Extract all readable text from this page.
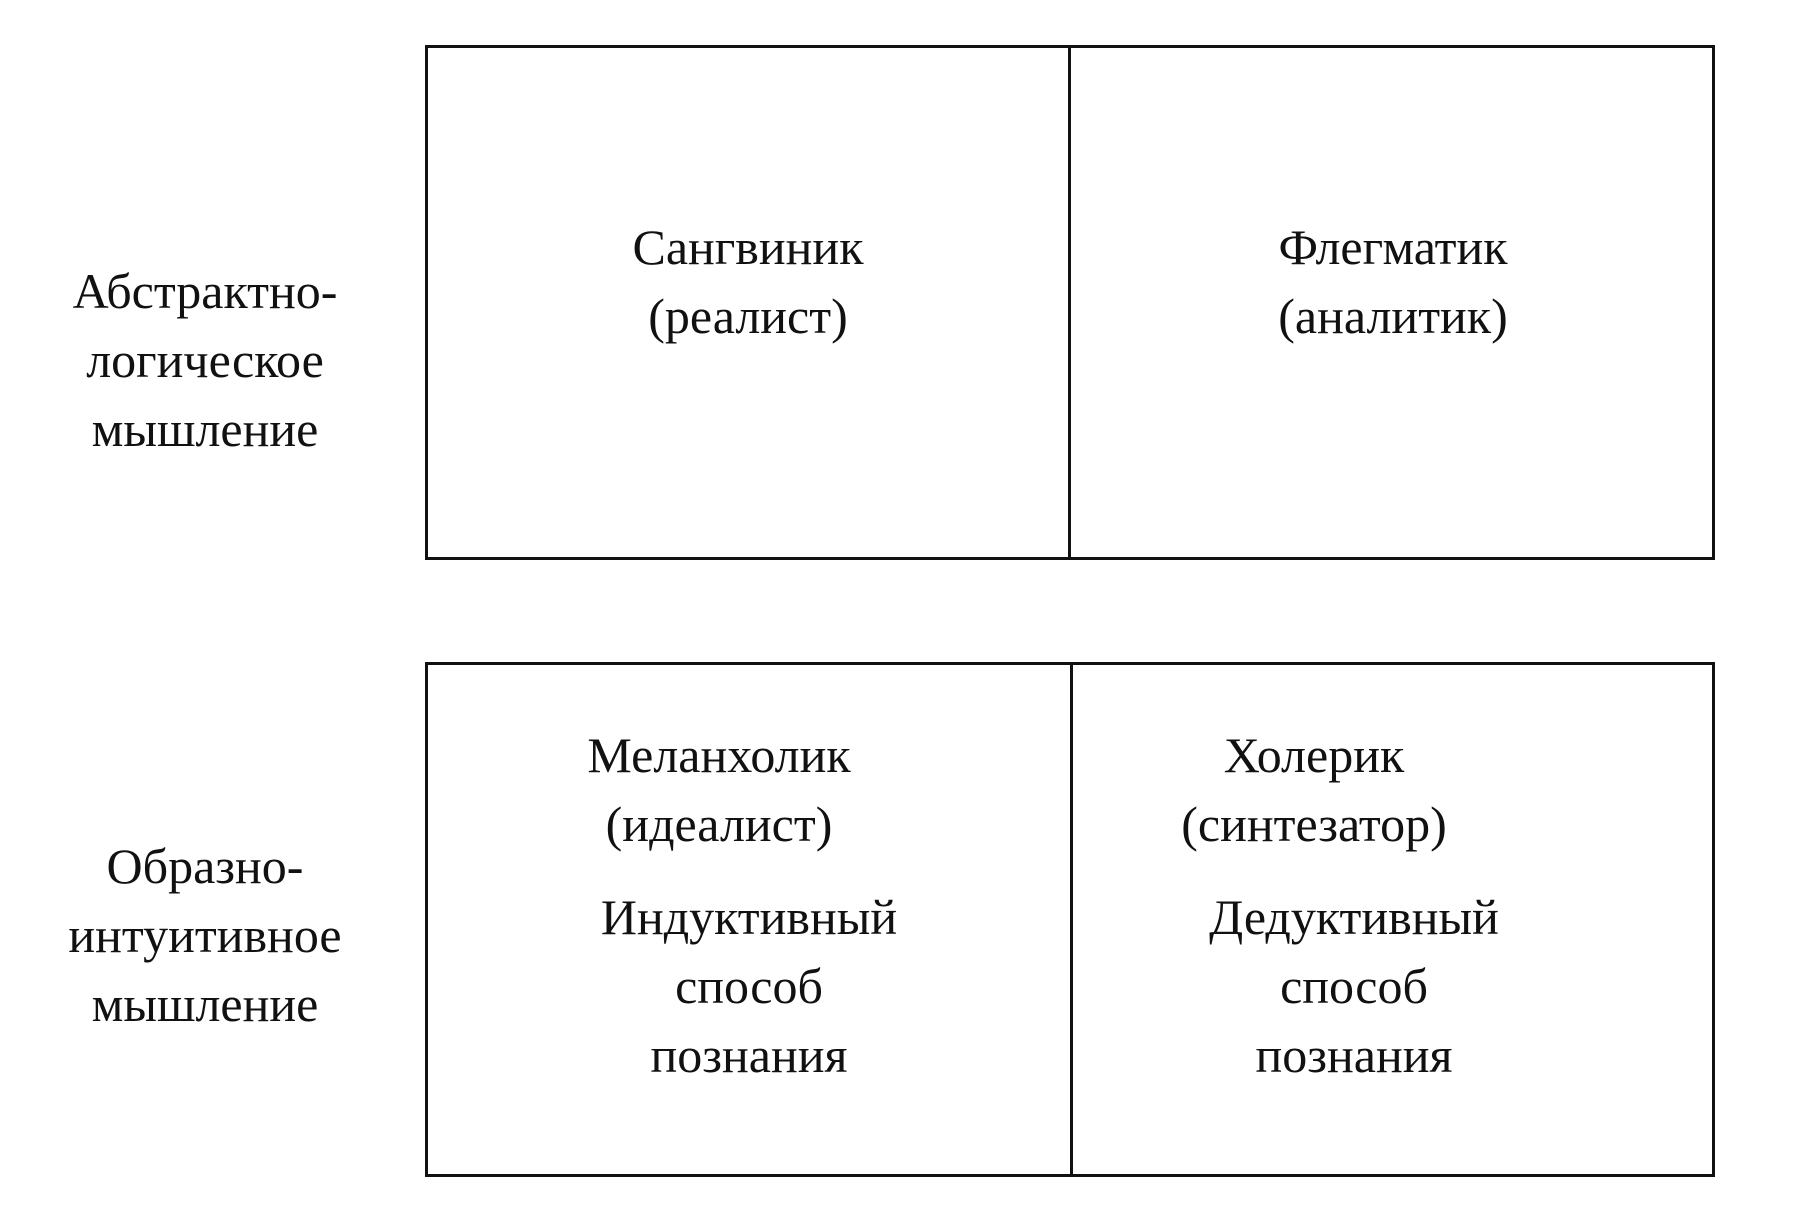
Абстрактно-
логическое
мышление
Образно-
интуитивное
мышление
Сангвиник
(реалист)
Флегматик
(аналитик)
Меланхолик
(идеалист)
Индуктивный
способ
познания
Холерик
(синтезатор)
Дедуктивный
способ
познания
